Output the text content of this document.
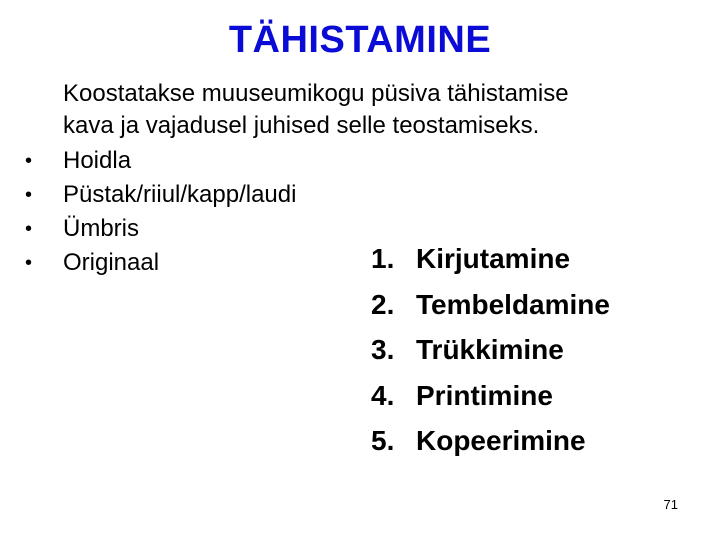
TÄHISTAMINE
Koostatakse muuseumikogu püsiva tähistamise
kava ja vajadusel juhised selle teostamiseks.
• Hoidla
• Püstak/riiul/kapp/laudi
• Ümbris
• Originaal	1. Kirjutamine
2. Tembeldamine
3. Trükkimine
4. Printimine
5. Kopeerimine
71
